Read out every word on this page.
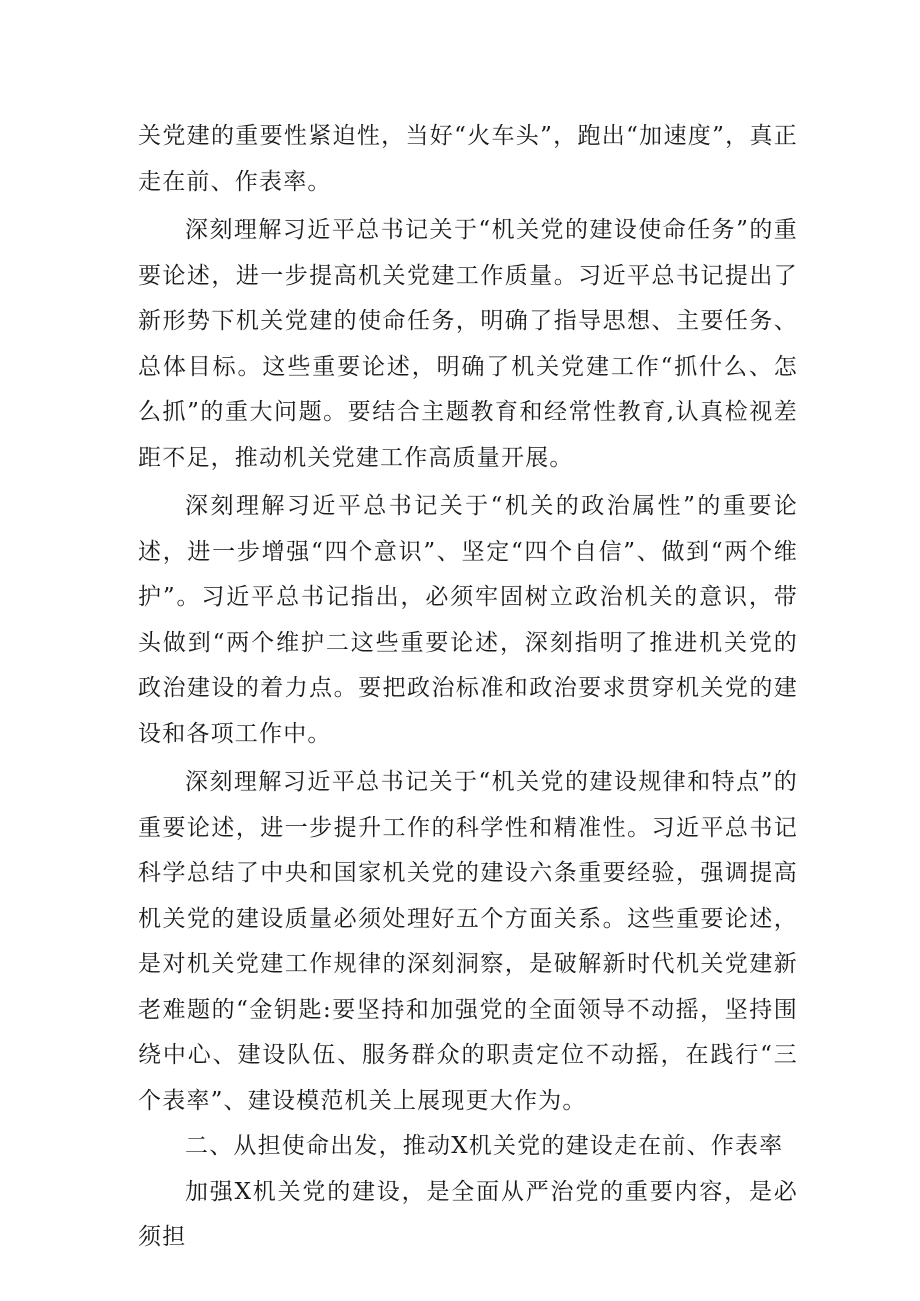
关党建的重要性紧迫性，当好“火车头”，跑出“加速度”，真正走在前、作表率。

深刻理解习近平总书记关于“机关党的建设使命任务”的重要论述，进一步提高机关党建工作质量。习近平总书记提出了新形势下机关党建的使命任务，明确了指导思想、主要任务、总体目标。这些重要论述，明确了机关党建工作“抓什么、怎么抓”的重大问题。要结合主题教育和经常性教育,认真检视差距不足，推动机关党建工作高质量开展。

深刻理解习近平总书记关于“机关的政治属性”的重要论述，进一步增强“四个意识”、坚定“四个自信”、做到“两个维护”。习近平总书记指出，必须牢固树立政治机关的意识，带头做到“两个维护二这些重要论述，深刻指明了推进机关党的政治建设的着力点。要把政治标准和政治要求贯穿机关党的建设和各项工作中。

深刻理解习近平总书记关于“机关党的建设规律和特点”的重要论述，进一步提升工作的科学性和精准性。习近平总书记科学总结了中央和国家机关党的建设六条重要经验，强调提高机关党的建设质量必须处理好五个方面关系。这些重要论述，是对机关党建工作规律的深刻洞察，是破解新时代机关党建新老难题的“金钥匙:要坚持和加强党的全面领导不动摇，坚持围绕中心、建设队伍、服务群众的职责定位不动摇，在践行“三个表率”、建设模范机关上展现更大作为。

二、从担使命出发，推动X机关党的建设走在前、作表率

加强X机关党的建设，是全面从严治党的重要内容，是必须担
